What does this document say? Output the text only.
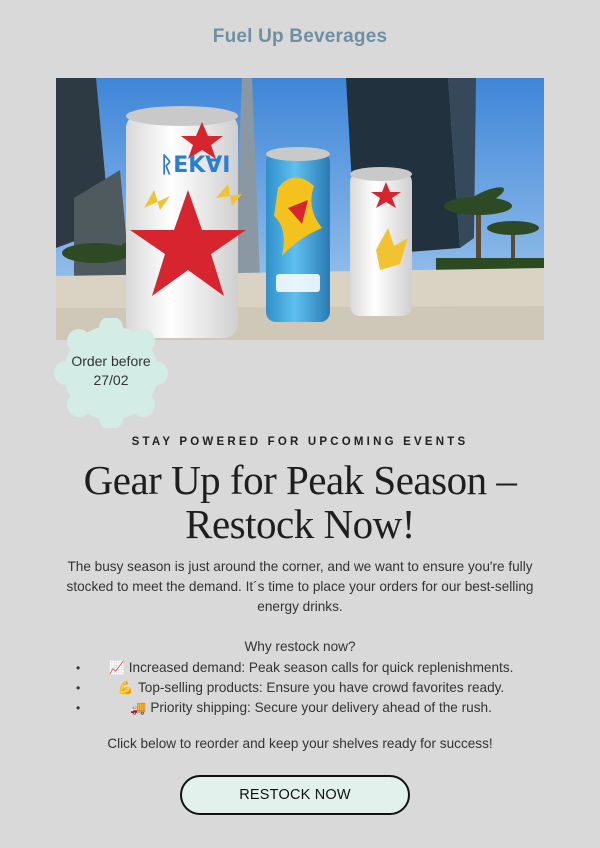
Fuel Up Beverages
ᚱEKⱯI
Order before
27/02
STAY POWERED FOR UPCOMING EVENTS
Gear Up for Peak Season –
Restock Now!
The busy season is just around the corner, and we want to ensure you're fully stocked to meet the demand. It´s time to place your orders for our best-selling energy drinks.
Why restock now?
• 📈 Increased demand: Peak season calls for quick replenishments.
•	💪 Top-selling products: Ensure you have crowd favorites ready.
•	🚚 Priority shipping: Secure your delivery ahead of the rush.
Click below to reorder and keep your shelves ready for success!
RESTOCK NOW
